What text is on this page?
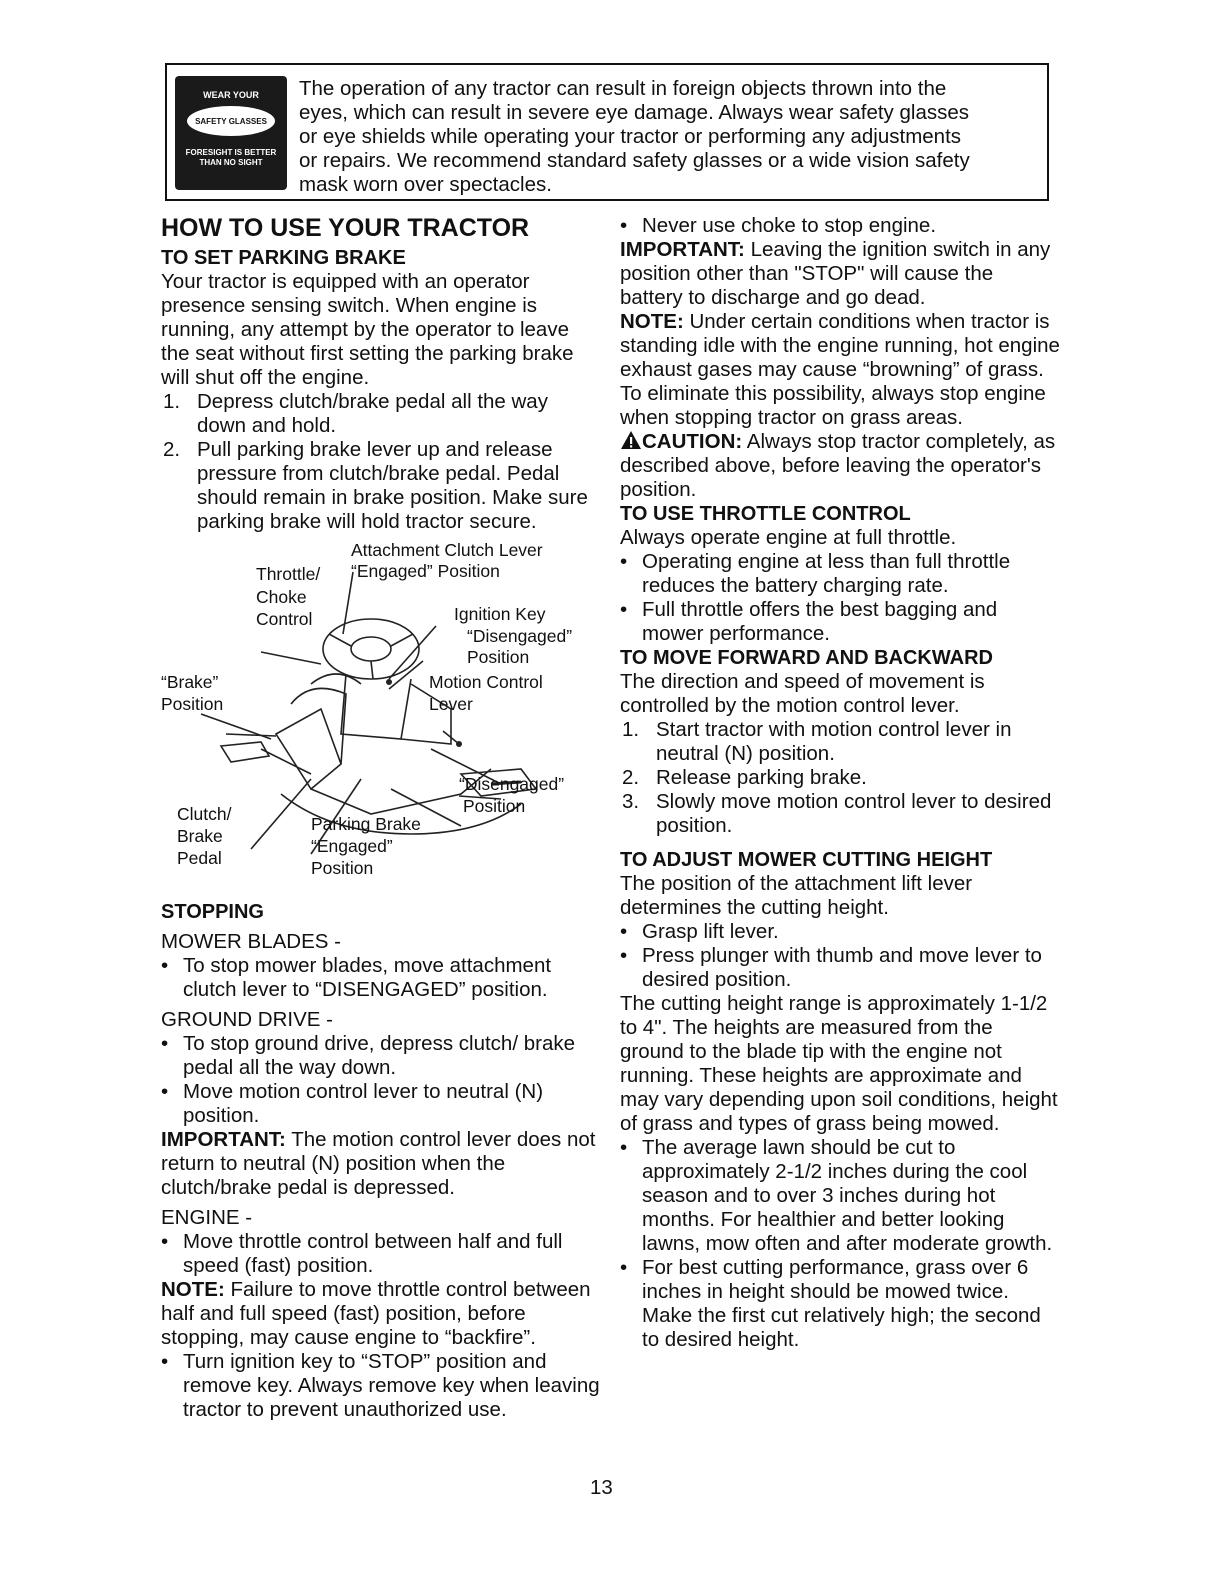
WEAR YOUR
SAFETY GLASSES
FORESIGHT IS BETTER
THAN NO SIGHT
The operation of any tractor can result in foreign objects thrown into the
eyes, which can result in severe eye damage. Always wear safety glasses
or eye shields while operating your tractor or performing any adjustments
or repairs. We recommend standard safety glasses or a wide vision safety
mask worn over spectacles.
HOW TO USE YOUR TRACTOR
TO SET PARKING BRAKE

Your tractor is equipped with an operator presence sensing switch. When engine is running, any attempt by the operator to leave the seat without first setting the parking brake will shut off the engine.

1. Depress clutch/brake pedal all the way down and hold.
2. Pull parking brake lever up and release pressure from clutch/brake pedal. Pedal should remain in brake position. Make sure parking brake will hold tractor secure.
Attachment Clutch Lever
“Engaged” Position
Throttle/
Choke
Control	Ignition Key
“Disengaged”
Position
“Brake”
Position
Motion Control
Lever
“Disengaged”
Position
Clutch/
Brake
Pedal
Parking Brake
“Engaged”
Position
STOPPING

MOWER BLADES -

• To stop mower blades, move attachment clutch lever to “DISENGAGED” position.

GROUND DRIVE -

• To stop ground drive, depress clutch/ brake pedal all the way down.
• Move motion control lever to neutral (N) position.

IMPORTANT: The motion control lever does not return to neutral (N) position when the clutch/brake pedal is depressed.

ENGINE -

• Move throttle control between half and full speed (fast) position.

NOTE: Failure to move throttle control between half and full speed (fast) position, before stopping, may cause engine to “backfire”.

• Turn ignition key to “STOP” position and remove key. Always remove key when leaving tractor to prevent unauthorized use.
• Never use choke to stop engine.

IMPORTANT: Leaving the ignition switch in any position other than "STOP" will cause the battery to discharge and go dead.

NOTE: Under certain conditions when tractor is standing idle with the engine running, hot engine exhaust gases may cause “browning” of grass. To eliminate this possibility, always stop engine when stopping tractor on grass areas.

CAUTION: Always stop tractor completely, as described above, before leaving the operator's position.

TO USE THROTTLE CONTROL

Always operate engine at full throttle.

• Operating engine at less than full throttle reduces the battery charging rate.
• Full throttle offers the best bagging and mower performance.
TO MOVE FORWARD AND BACKWARD

The direction and speed of movement is controlled by the motion control lever.

1. Start tractor with motion control lever in neutral (N) position.
2. Release parking brake.
3. Slowly move motion control lever to desired position.
TO ADJUST MOWER CUTTING HEIGHT

The position of the attachment lift lever determines the cutting height.

• Grasp lift lever.
• Press plunger with thumb and move lever to desired position.

The cutting height range is approximately 1-1/2 to 4". The heights are measured from the ground to the blade tip with the engine not running. These heights are approximate and may vary depending upon soil conditions, height of grass and types of grass being mowed.

• The average lawn should be cut to approximately 2-1/2 inches during the cool season and to over 3 inches during hot months. For healthier and better looking lawns, mow often and after moderate growth.
• For best cutting performance, grass over 6 inches in height should be mowed twice. Make the first cut relatively high; the second to desired height.
13
